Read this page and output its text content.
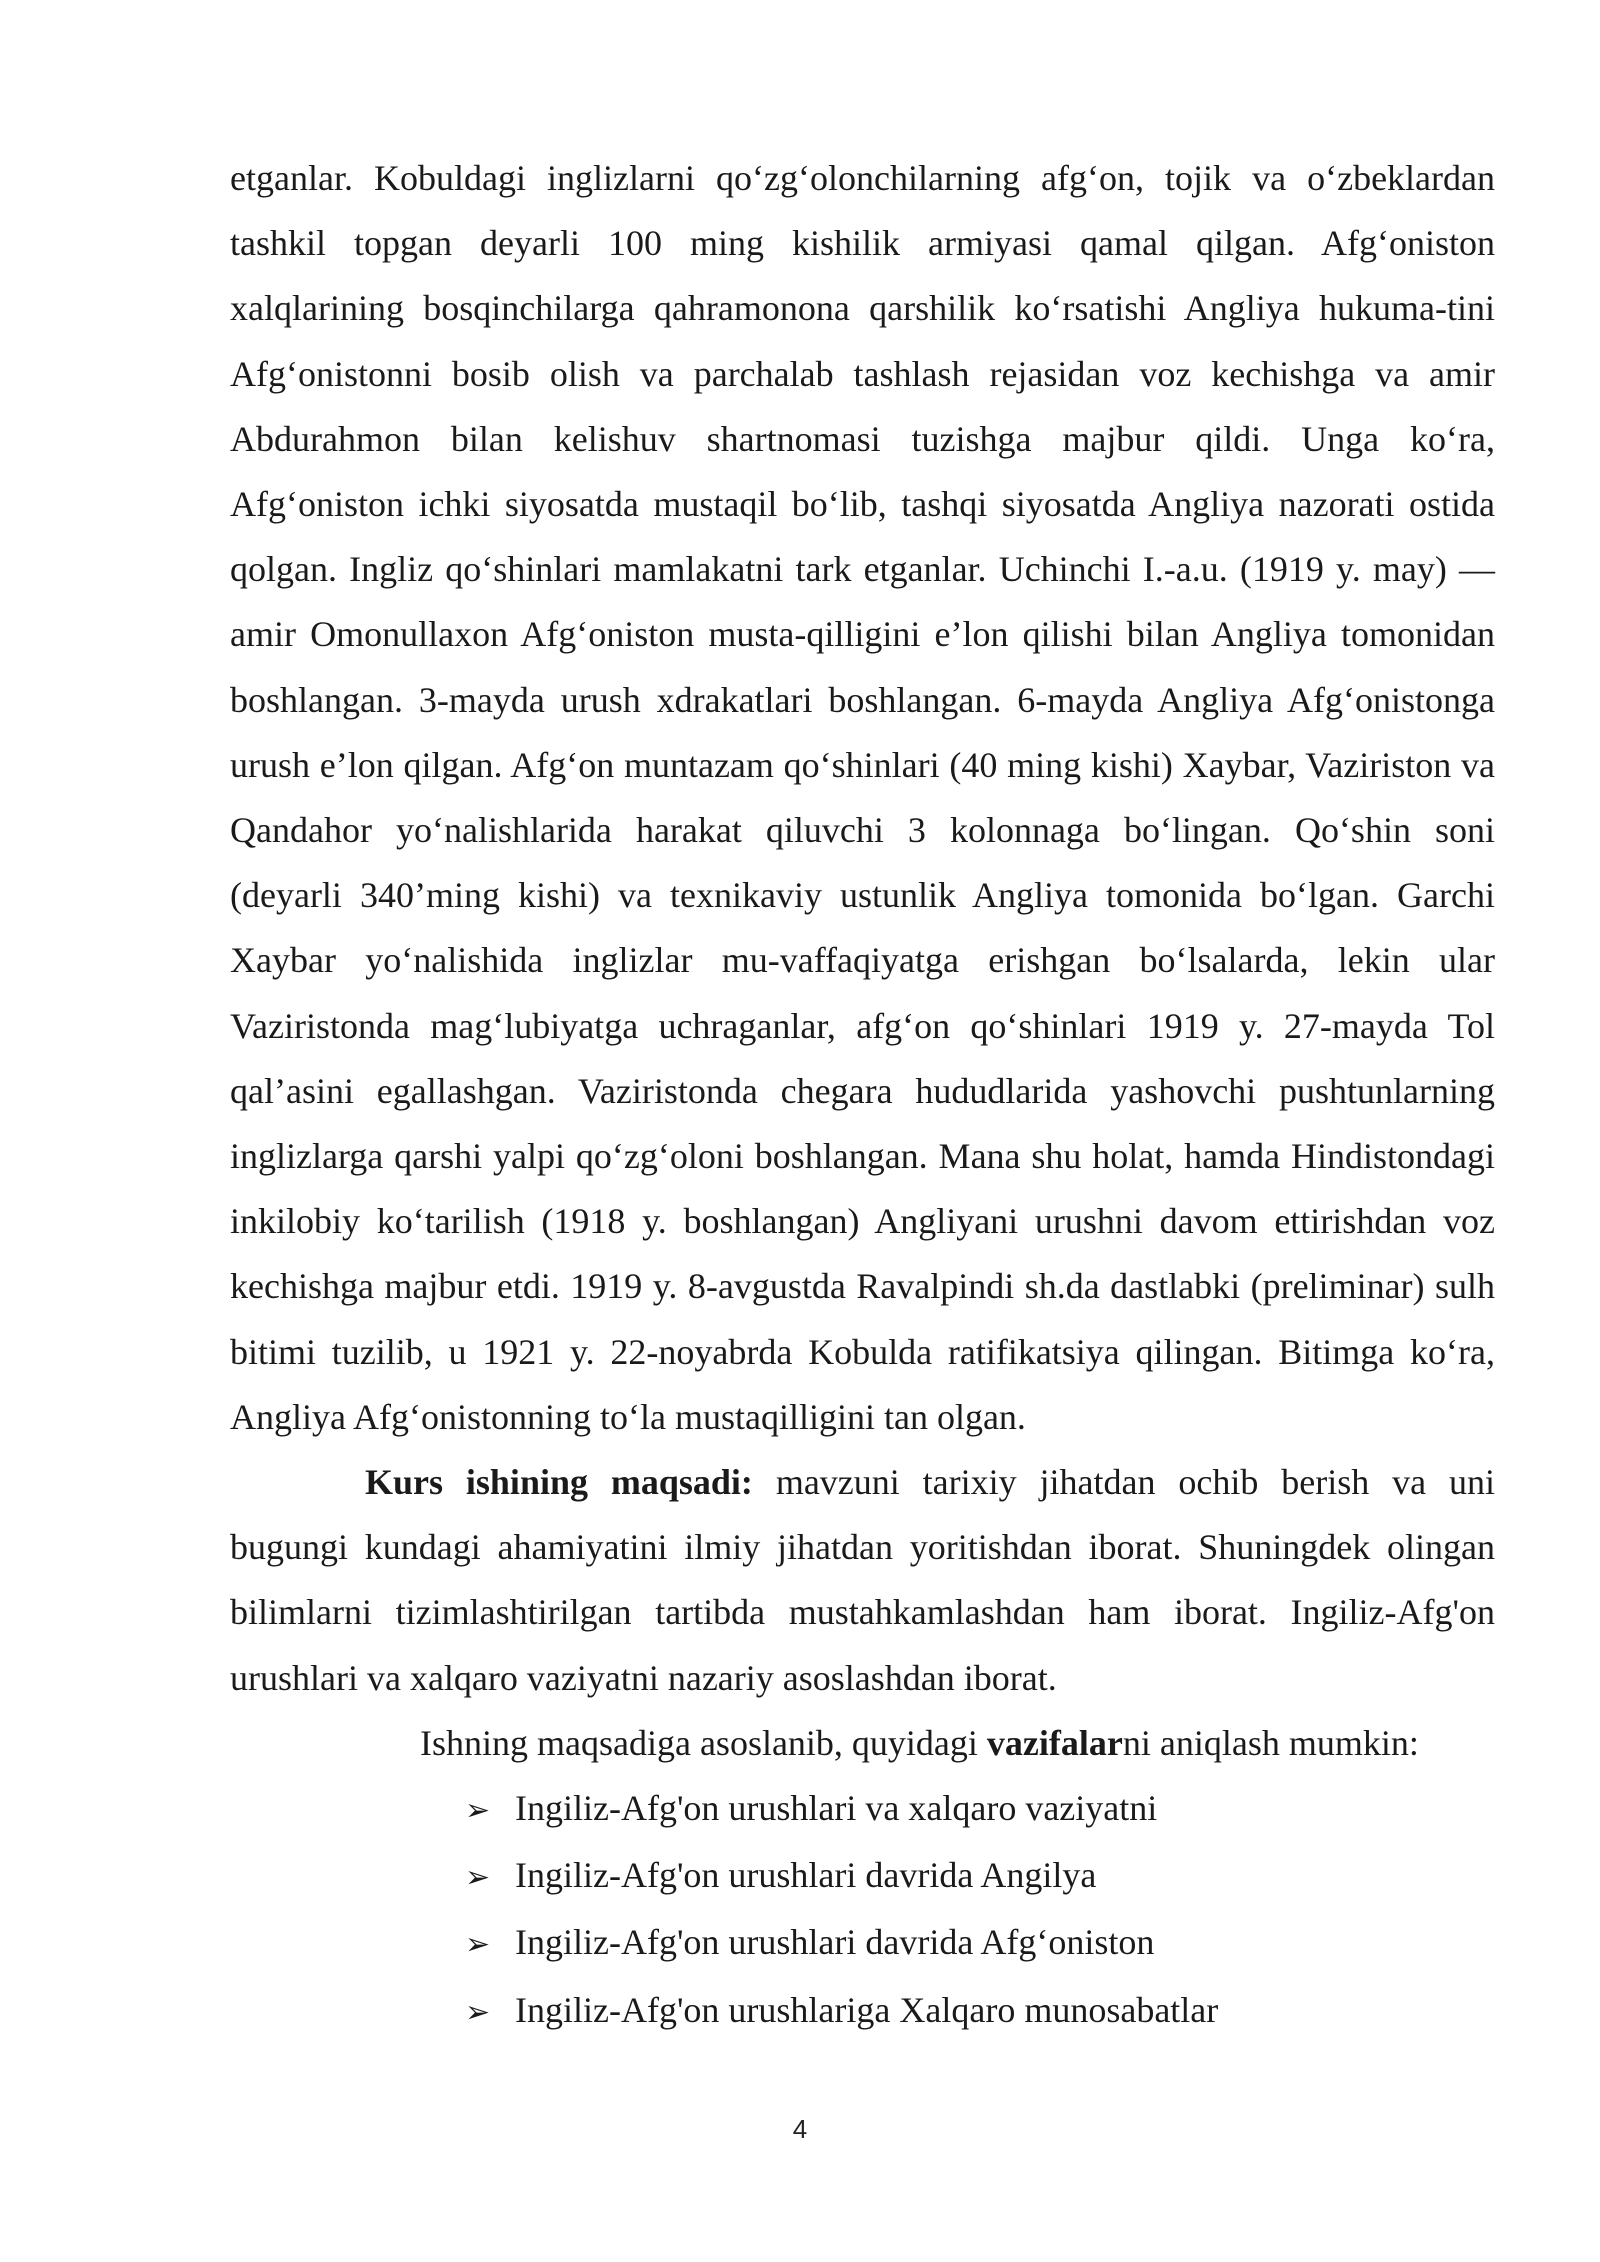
etganlar. Kobuldagi inglizlarni qo‘zg‘olonchilarning afg‘on, tojik va o‘zbeklardan tashkil topgan deyarli 100 ming kishilik armiyasi qamal qilgan. Afg‘oniston xalqlarining bosqinchilarga qahramonona qarshilik ko‘rsatishi Angliya hukuma-tini Afg‘onistonni bosib olish va parchalab tashlash rejasidan voz kechishga va amir Abdurahmon bilan kelishuv shartnomasi tuzishga majbur qildi. Unga ko‘ra, Afg‘oniston ichki siyosatda mustaqil bo‘lib, tashqi siyosatda Angliya nazorati ostida qolgan. Ingliz qo‘shinlari mamlakatni tark etganlar. Uchinchi I.-a.u. (1919 y. may) — amir Omonullaxon Afg‘oniston musta-qilligini e’lon qilishi bilan Angliya tomonidan boshlangan. 3-mayda urush xdrakatlari boshlangan. 6-mayda Angliya Afg‘onistonga urush e’lon qilgan. Afg‘on muntazam qo‘shinlari (40 ming kishi) Xaybar, Vaziriston va Qandahor yo‘nalishlarida harakat qiluvchi 3 kolonnaga bo‘lingan. Qo‘shin soni (deyarli 340’ming kishi) va texnikaviy ustunlik Angliya tomonida bo‘lgan. Garchi Xaybar yo‘nalishida inglizlar mu-vaffaqiyatga erishgan bo‘lsalarda, lekin ular Vaziristonda mag‘lubiyatga uchraganlar, afg‘on qo‘shinlari 1919 y. 27-mayda Tol qal’asini egallashgan. Vaziristonda chegara hududlarida yashovchi pushtunlarning inglizlarga qarshi yalpi qo‘zg‘oloni boshlangan. Mana shu holat, hamda Hindistondagi inkilobiy ko‘tarilish (1918 y. boshlangan) Angliyani urushni davom ettirishdan voz kechishga majbur etdi. 1919 y. 8-avgustda Ravalpindi sh.da dastlabki (preliminar) sulh bitimi tuzilib, u 1921 y. 22-noyabrda Kobulda ratifikatsiya qilingan. Bitimga ko‘ra, Angliya Afg‘onistonning to‘la mustaqilligini tan olgan.

Kurs ishining maqsadi: mavzuni tarixiy jihatdan ochib berish va uni bugungi kundagi ahamiyatini ilmiy jihatdan yoritishdan iborat. Shuningdek olingan bilimlarni tizimlashtirilgan tartibda mustahkamlashdan ham iborat. Ingiliz-Afg'on urushlari va xalqaro vaziyatni nazariy asoslashdan iborat.

Ishning maqsadiga asoslanib, quyidagi vazifalarni aniqlash mumkin:

➢ Ingiliz-Afg'on urushlari va xalqaro vaziyatni
➢ Ingiliz-Afg'on urushlari davrida Angilya
➢ Ingiliz-Afg'on urushlari davrida Afg‘oniston
➢ Ingiliz-Afg'on urushlariga Xalqaro munosabatlar
4
